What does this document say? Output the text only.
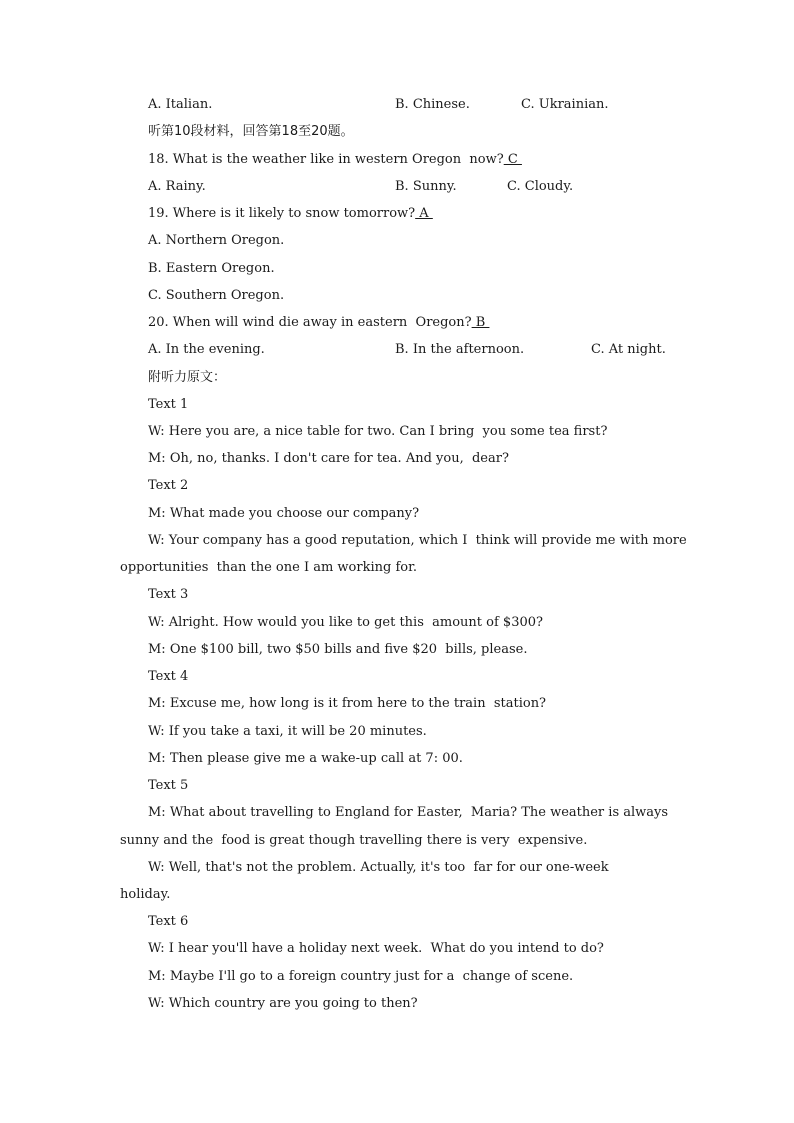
A. Italian.

	B. Chinese.

	C. Ukrainian.

听第10段材料，回答第18至20题。
18. What is the weather like in western Oregon  now? C

A. Rainy.

	B. Sunny.

	C. Cloudy.

19. Where is it likely to snow tomorrow? A
A. Northern Oregon.
B. Eastern Oregon.
C. Southern Oregon.
20. When will wind die away in eastern  Oregon? B

A. In the evening.

	B. In the afternoon.

	C. At night.

附听力原文：
Text 1
W: Here you are, a nice table for two. Can I bring  you some tea first?
M: Oh, no, thanks. I don't care for tea. And you,  dear?
Text 2
M: What made you choose our company?
W: Your company has a good reputation, which I  think will provide me with more
opportunities  than the one I am working for.
Text 3
W: Alright. How would you like to get this  amount of $300?
M: One $100 bill, two $50 bills and five $20  bills, please.
Text 4
M: Excuse me, how long is it from here to the train  station?
W: If you take a taxi, it will be 20 minutes.
M: Then please give me a wake-up call at 7: 00.
Text 5
M: What about travelling to England for Easter,  Maria? The weather is always
sunny and the  food is great though travelling there is very  expensive.
W: Well, that's not the problem. Actually, it's too  far for our one-week
holiday.
Text 6
W: I hear you'll have a holiday next week.  What do you intend to do?
M: Maybe I'll go to a foreign country just for a  change of scene.
W: Which country are you going to then?
